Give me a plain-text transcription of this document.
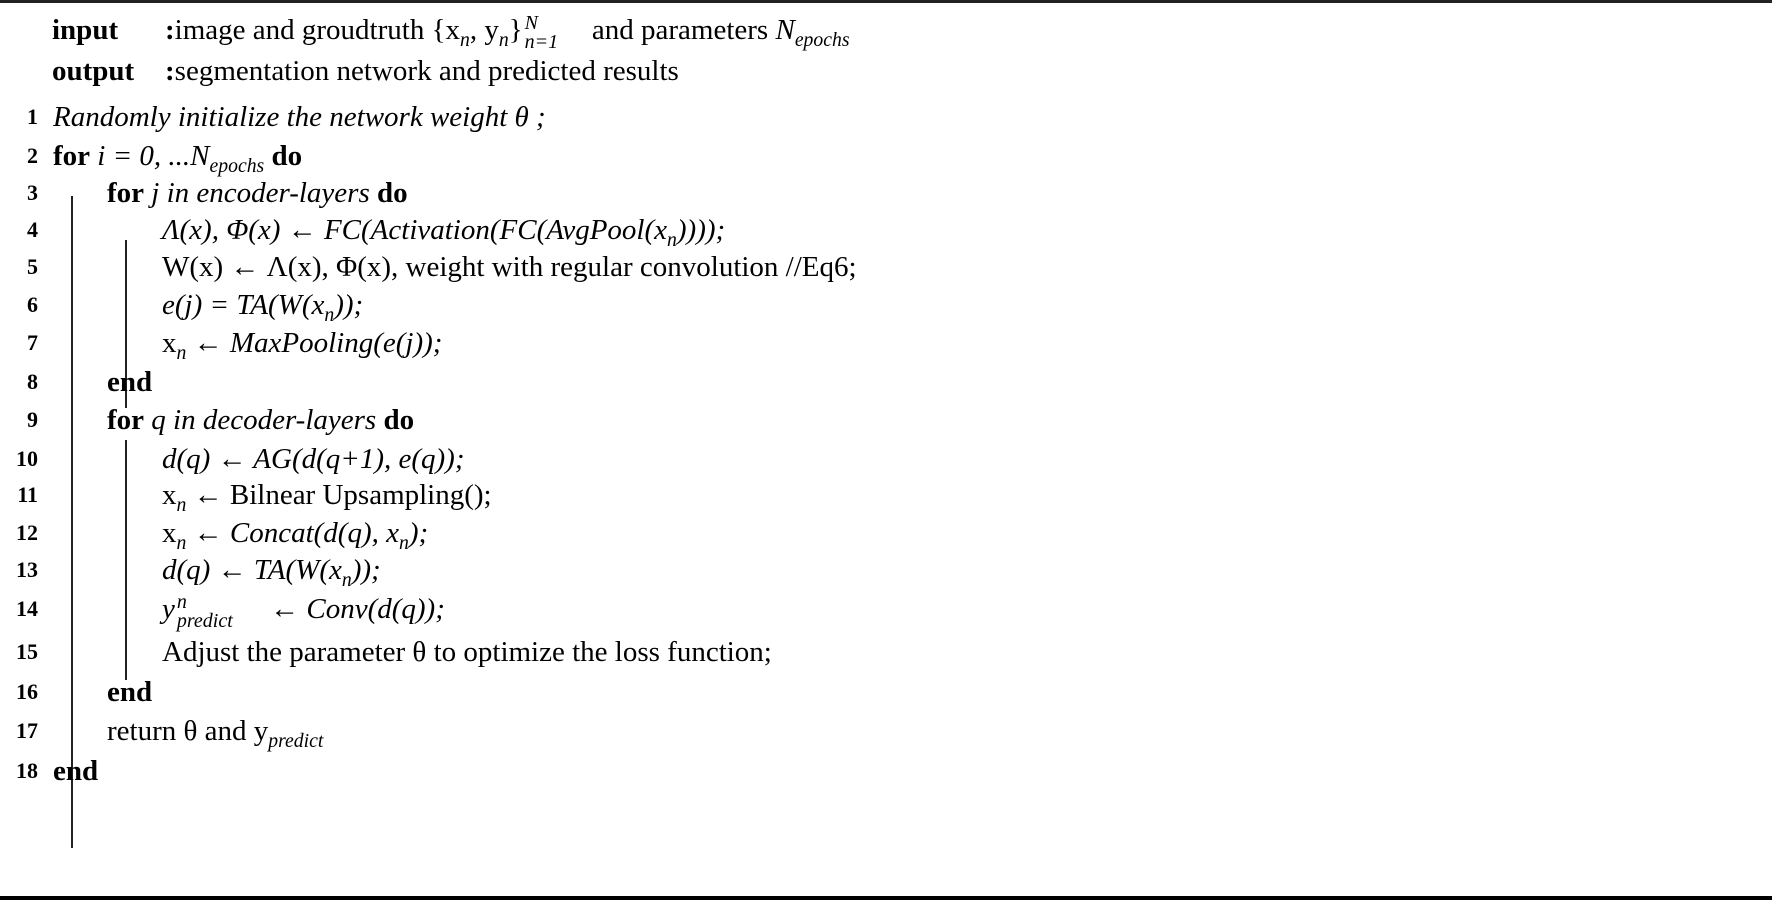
input :image and groudtruth {$x_n$, $y_n$} N
n=1 and parameters $N_{epochs}$
output :segmentation network and predicted results
1 Randomly initialize the network weight θ ;
2 for i = 0, $...N_{epochs}$ do
3 for j in encoder-layers do
4	Λ(x), Φ(x) ← $FC(Activation(FC(AvgPool(x_n))))$;
5	W(x) ← Λ(x), Φ(x), weight with regular convolution //Eq6;
6	$e(j) = TA(W(x_n))$;
7	$x_n$ ← MaxPooling(e(j));
8 end
9 for q in decoder-layers do
10	d(q) ← AG(d(q+1), e(q));
11	$x_n$ ← Bilnear Upsampling();
12	$x_n$ ← Concat(d(q), $x_n$);
13	d(q) ← $TA(W(x_n))$;
14	y n
predict ← Conv(d(q));
15	Adjust the parameter θ to optimize the loss function;
16 end
17 return θ and $y_{predict}$
18 end
